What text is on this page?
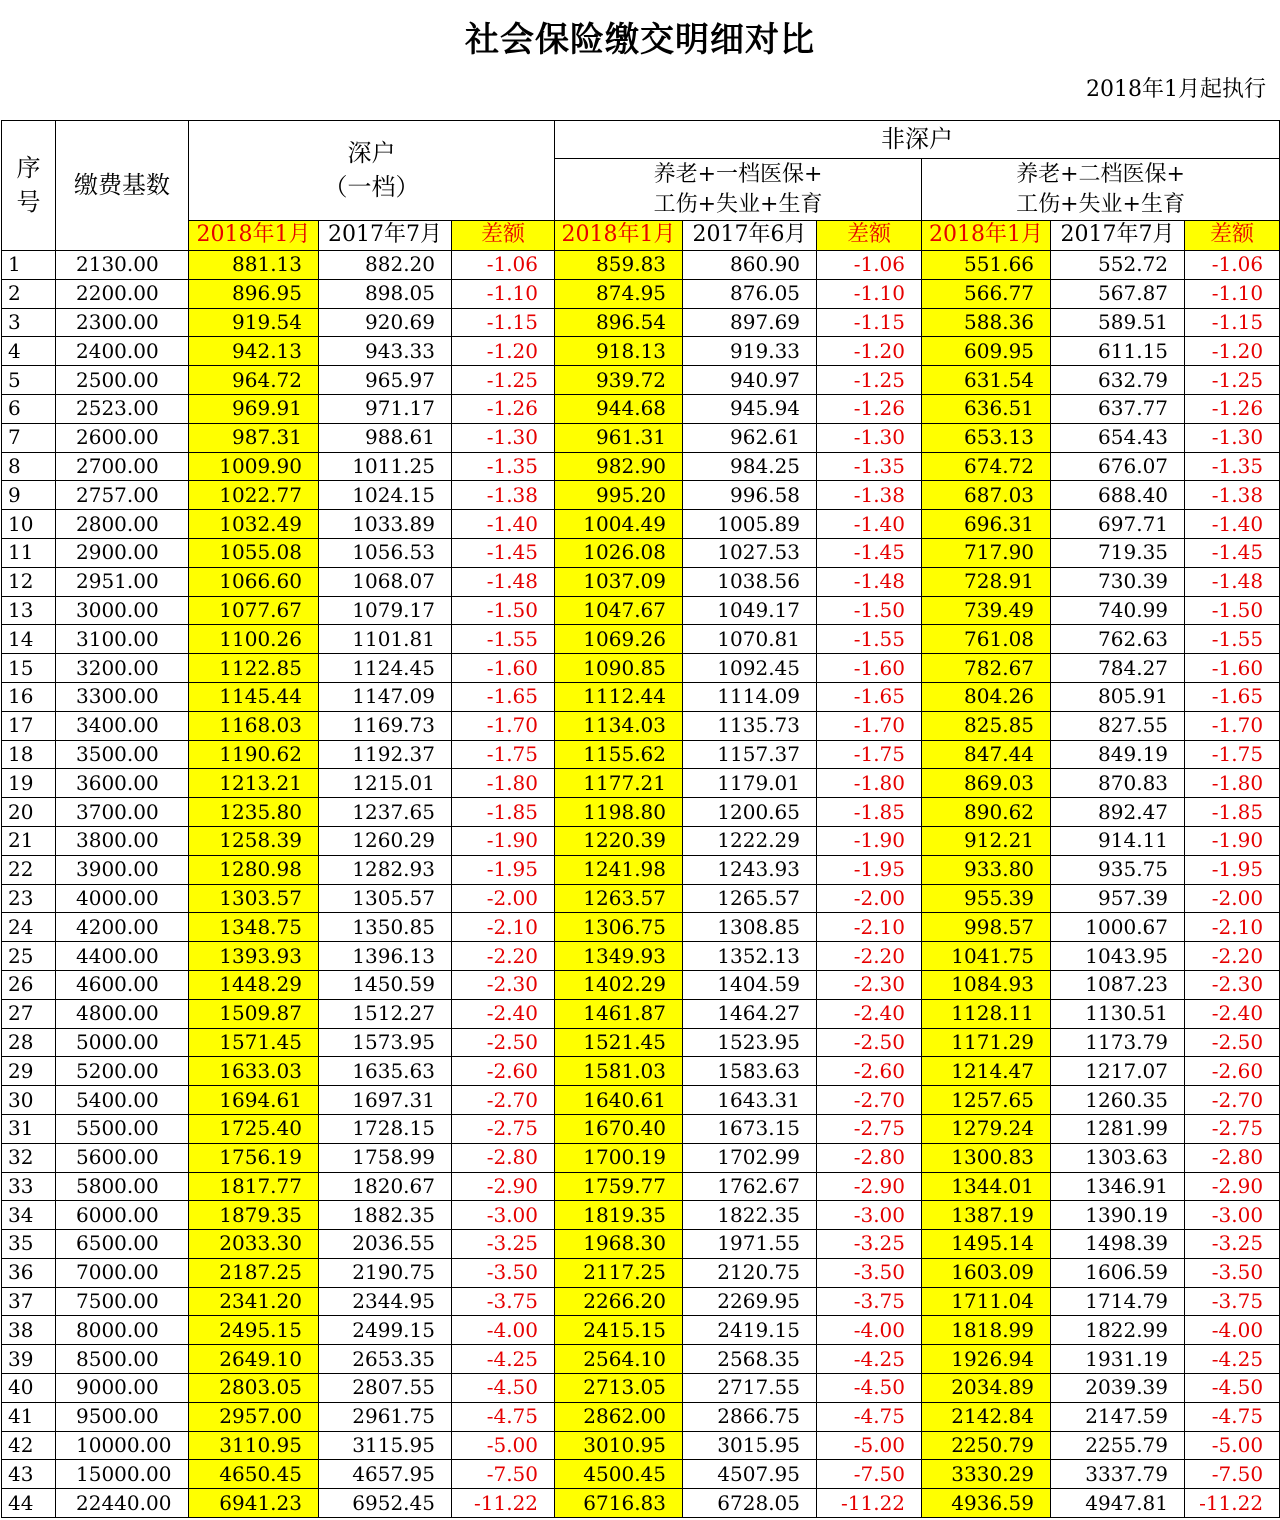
社会保险缴交明细对比
2018年1月起执行
序
号	缴费基数	深户
（一档）			非深户					
					养老+一档医保+
工伤+失业+生育			养老+二档医保+
工伤+失业+生育		
		2018年1月	2017年7月	差额	2018年1月	2017年6月	差额	2018年1月	2017年7月	差额
1	2130.00	881.13	882.20	-1.06	859.83	860.90	-1.06	551.66	552.72	-1.06
2	2200.00	896.95	898.05	-1.10	874.95	876.05	-1.10	566.77	567.87	-1.10
3	2300.00	919.54	920.69	-1.15	896.54	897.69	-1.15	588.36	589.51	-1.15
4	2400.00	942.13	943.33	-1.20	918.13	919.33	-1.20	609.95	611.15	-1.20
5	2500.00	964.72	965.97	-1.25	939.72	940.97	-1.25	631.54	632.79	-1.25
6	2523.00	969.91	971.17	-1.26	944.68	945.94	-1.26	636.51	637.77	-1.26
7	2600.00	987.31	988.61	-1.30	961.31	962.61	-1.30	653.13	654.43	-1.30
8	2700.00	1009.90	1011.25	-1.35	982.90	984.25	-1.35	674.72	676.07	-1.35
9	2757.00	1022.77	1024.15	-1.38	995.20	996.58	-1.38	687.03	688.40	-1.38
10	2800.00	1032.49	1033.89	-1.40	1004.49	1005.89	-1.40	696.31	697.71	-1.40
11	2900.00	1055.08	1056.53	-1.45	1026.08	1027.53	-1.45	717.90	719.35	-1.45
12	2951.00	1066.60	1068.07	-1.48	1037.09	1038.56	-1.48	728.91	730.39	-1.48
13	3000.00	1077.67	1079.17	-1.50	1047.67	1049.17	-1.50	739.49	740.99	-1.50
14	3100.00	1100.26	1101.81	-1.55	1069.26	1070.81	-1.55	761.08	762.63	-1.55
15	3200.00	1122.85	1124.45	-1.60	1090.85	1092.45	-1.60	782.67	784.27	-1.60
16	3300.00	1145.44	1147.09	-1.65	1112.44	1114.09	-1.65	804.26	805.91	-1.65
17	3400.00	1168.03	1169.73	-1.70	1134.03	1135.73	-1.70	825.85	827.55	-1.70
18	3500.00	1190.62	1192.37	-1.75	1155.62	1157.37	-1.75	847.44	849.19	-1.75
19	3600.00	1213.21	1215.01	-1.80	1177.21	1179.01	-1.80	869.03	870.83	-1.80
20	3700.00	1235.80	1237.65	-1.85	1198.80	1200.65	-1.85	890.62	892.47	-1.85
21	3800.00	1258.39	1260.29	-1.90	1220.39	1222.29	-1.90	912.21	914.11	-1.90
22	3900.00	1280.98	1282.93	-1.95	1241.98	1243.93	-1.95	933.80	935.75	-1.95
23	4000.00	1303.57	1305.57	-2.00	1263.57	1265.57	-2.00	955.39	957.39	-2.00
24	4200.00	1348.75	1350.85	-2.10	1306.75	1308.85	-2.10	998.57	1000.67	-2.10
25	4400.00	1393.93	1396.13	-2.20	1349.93	1352.13	-2.20	1041.75	1043.95	-2.20
26	4600.00	1448.29	1450.59	-2.30	1402.29	1404.59	-2.30	1084.93	1087.23	-2.30
27	4800.00	1509.87	1512.27	-2.40	1461.87	1464.27	-2.40	1128.11	1130.51	-2.40
28	5000.00	1571.45	1573.95	-2.50	1521.45	1523.95	-2.50	1171.29	1173.79	-2.50
29	5200.00	1633.03	1635.63	-2.60	1581.03	1583.63	-2.60	1214.47	1217.07	-2.60
30	5400.00	1694.61	1697.31	-2.70	1640.61	1643.31	-2.70	1257.65	1260.35	-2.70
31	5500.00	1725.40	1728.15	-2.75	1670.40	1673.15	-2.75	1279.24	1281.99	-2.75
32	5600.00	1756.19	1758.99	-2.80	1700.19	1702.99	-2.80	1300.83	1303.63	-2.80
33	5800.00	1817.77	1820.67	-2.90	1759.77	1762.67	-2.90	1344.01	1346.91	-2.90
34	6000.00	1879.35	1882.35	-3.00	1819.35	1822.35	-3.00	1387.19	1390.19	-3.00
35	6500.00	2033.30	2036.55	-3.25	1968.30	1971.55	-3.25	1495.14	1498.39	-3.25
36	7000.00	2187.25	2190.75	-3.50	2117.25	2120.75	-3.50	1603.09	1606.59	-3.50
37	7500.00	2341.20	2344.95	-3.75	2266.20	2269.95	-3.75	1711.04	1714.79	-3.75
38	8000.00	2495.15	2499.15	-4.00	2415.15	2419.15	-4.00	1818.99	1822.99	-4.00
39	8500.00	2649.10	2653.35	-4.25	2564.10	2568.35	-4.25	1926.94	1931.19	-4.25
40	9000.00	2803.05	2807.55	-4.50	2713.05	2717.55	-4.50	2034.89	2039.39	-4.50
41	9500.00	2957.00	2961.75	-4.75	2862.00	2866.75	-4.75	2142.84	2147.59	-4.75
42	10000.00	3110.95	3115.95	-5.00	3010.95	3015.95	-5.00	2250.79	2255.79	-5.00
43	15000.00	4650.45	4657.95	-7.50	4500.45	4507.95	-7.50	3330.29	3337.79	-7.50
44	22440.00	6941.23	6952.45	-11.22	6716.83	6728.05	-11.22	4936.59	4947.81	-11.22
